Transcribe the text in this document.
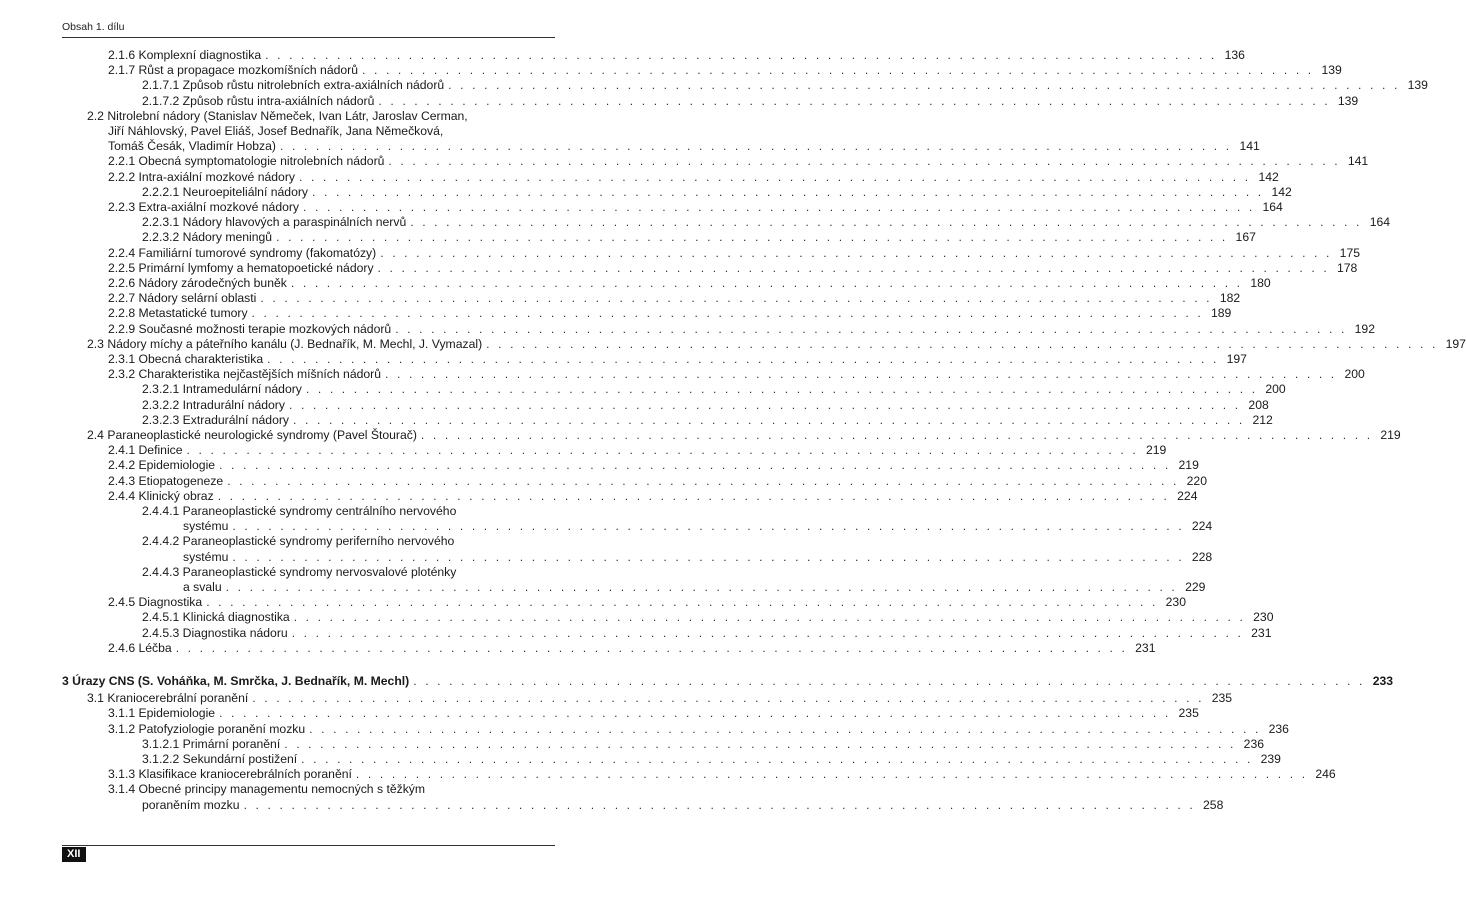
Obsah 1. dílu
2.1.6 Komplexní diagnostika . . . . . . . . . . . . . . . . . . . . . . . . . . . . . . . . . . . . . . . . . . . . . . . . . . . . . . . . . . . . . . . . . . . . . . . . . . . . . . . . 136
2.1.7 Růst a propagace mozkomíšních nádorů . . . . . . . . . . . . . . . . . . . . . . . . . . . . . . . . . . . . . . . . . . . . . . . . . . . . . . . . . . . . . . . . . . . . . . . . . . . . . . . . 139
2.1.7.1 Způsob růstu nitrolebních extra-axiálních nádorů . . . . . . . . . . . . . . . . . . . . . . . . . . . . . . . . . . . . . . . . . . . . . . . . . . . . . . . . . . . . . . . . . . . . . . . . . . . . . . . . 139
2.1.7.2 Způsob růstu intra-axiálních nádorů . . . . . . . . . . . . . . . . . . . . . . . . . . . . . . . . . . . . . . . . . . . . . . . . . . . . . . . . . . . . . . . . . . . . . . . . . . . . . . . . 139
2.2 Nitrolební nádory (Stanislav Němeček, Ivan Látr, Jaroslav Cerman,
Jiří Náhlovský, Pavel Eliáš, Josef Bednařík, Jana Němečková,
Tomáš Česák, Vladimír Hobza) . . . . . . . . . . . . . . . . . . . . . . . . . . . . . . . . . . . . . . . . . . . . . . . . . . . . . . . . . . . . . . . . . . . . . . . . . . . . . . . . 141
2.2.1 Obecná symptomatologie nitrolebních nádorů . . . . . . . . . . . . . . . . . . . . . . . . . . . . . . . . . . . . . . . . . . . . . . . . . . . . . . . . . . . . . . . . . . . . . . . . . . . . . . . . 141
2.2.2 Intra-axiální mozkové nádory . . . . . . . . . . . . . . . . . . . . . . . . . . . . . . . . . . . . . . . . . . . . . . . . . . . . . . . . . . . . . . . . . . . . . . . . . . . . . . . . 142
2.2.2.1 Neuroepiteliální nádory . . . . . . . . . . . . . . . . . . . . . . . . . . . . . . . . . . . . . . . . . . . . . . . . . . . . . . . . . . . . . . . . . . . . . . . . . . . . . . . . 142
2.2.3 Extra-axiální mozkové nádory . . . . . . . . . . . . . . . . . . . . . . . . . . . . . . . . . . . . . . . . . . . . . . . . . . . . . . . . . . . . . . . . . . . . . . . . . . . . . . . . 164
2.2.3.1 Nádory hlavových a paraspinálních nervů . . . . . . . . . . . . . . . . . . . . . . . . . . . . . . . . . . . . . . . . . . . . . . . . . . . . . . . . . . . . . . . . . . . . . . . . . . . . . . . . 164
2.2.3.2 Nádory meningů . . . . . . . . . . . . . . . . . . . . . . . . . . . . . . . . . . . . . . . . . . . . . . . . . . . . . . . . . . . . . . . . . . . . . . . . . . . . . . . . 167
2.2.4 Familiární tumorové syndromy (fakomatózy) . . . . . . . . . . . . . . . . . . . . . . . . . . . . . . . . . . . . . . . . . . . . . . . . . . . . . . . . . . . . . . . . . . . . . . . . . . . . . . . . 175
2.2.5 Primární lymfomy a hematopoetické nádory . . . . . . . . . . . . . . . . . . . . . . . . . . . . . . . . . . . . . . . . . . . . . . . . . . . . . . . . . . . . . . . . . . . . . . . . . . . . . . . . 178
2.2.6 Nádory zárodečných buněk . . . . . . . . . . . . . . . . . . . . . . . . . . . . . . . . . . . . . . . . . . . . . . . . . . . . . . . . . . . . . . . . . . . . . . . . . . . . . . . . 180
2.2.7 Nádory selární oblasti . . . . . . . . . . . . . . . . . . . . . . . . . . . . . . . . . . . . . . . . . . . . . . . . . . . . . . . . . . . . . . . . . . . . . . . . . . . . . . . . 182
2.2.8 Metastatické tumory . . . . . . . . . . . . . . . . . . . . . . . . . . . . . . . . . . . . . . . . . . . . . . . . . . . . . . . . . . . . . . . . . . . . . . . . . . . . . . . . 189
2.2.9 Současné možnosti terapie mozkových nádorů . . . . . . . . . . . . . . . . . . . . . . . . . . . . . . . . . . . . . . . . . . . . . . . . . . . . . . . . . . . . . . . . . . . . . . . . . . . . . . . . 192
2.3 Nádory míchy a páteřního kanálu (J. Bednařík, M. Mechl, J. Vymazal) . . . . . . . . . . . . . . . . . . . . . . . . . . . . . . . . . . . . . . . . . . . . . . . . . . . . . . . . . . . . . . . . . . . . . . . . . . . . . . . . 197
2.3.1 Obecná charakteristika . . . . . . . . . . . . . . . . . . . . . . . . . . . . . . . . . . . . . . . . . . . . . . . . . . . . . . . . . . . . . . . . . . . . . . . . . . . . . . . . 197
2.3.2 Charakteristika nejčastějších míšních nádorů . . . . . . . . . . . . . . . . . . . . . . . . . . . . . . . . . . . . . . . . . . . . . . . . . . . . . . . . . . . . . . . . . . . . . . . . . . . . . . . . 200
2.3.2.1 Intramedulární nádory . . . . . . . . . . . . . . . . . . . . . . . . . . . . . . . . . . . . . . . . . . . . . . . . . . . . . . . . . . . . . . . . . . . . . . . . . . . . . . . . 200
2.3.2.2 Intradurální nádory . . . . . . . . . . . . . . . . . . . . . . . . . . . . . . . . . . . . . . . . . . . . . . . . . . . . . . . . . . . . . . . . . . . . . . . . . . . . . . . . 208
2.3.2.3 Extradurální nádory . . . . . . . . . . . . . . . . . . . . . . . . . . . . . . . . . . . . . . . . . . . . . . . . . . . . . . . . . . . . . . . . . . . . . . . . . . . . . . . . 212
2.4 Paraneoplastické neurologické syndromy (Pavel Štourač) . . . . . . . . . . . . . . . . . . . . . . . . . . . . . . . . . . . . . . . . . . . . . . . . . . . . . . . . . . . . . . . . . . . . . . . . . . . . . . . . 219
2.4.1 Definice . . . . . . . . . . . . . . . . . . . . . . . . . . . . . . . . . . . . . . . . . . . . . . . . . . . . . . . . . . . . . . . . . . . . . . . . . . . . . . . . 219
2.4.2 Epidemiologie . . . . . . . . . . . . . . . . . . . . . . . . . . . . . . . . . . . . . . . . . . . . . . . . . . . . . . . . . . . . . . . . . . . . . . . . . . . . . . . . 219
2.4.3 Etiopatogeneze . . . . . . . . . . . . . . . . . . . . . . . . . . . . . . . . . . . . . . . . . . . . . . . . . . . . . . . . . . . . . . . . . . . . . . . . . . . . . . . . 220
2.4.4 Klinický obraz . . . . . . . . . . . . . . . . . . . . . . . . . . . . . . . . . . . . . . . . . . . . . . . . . . . . . . . . . . . . . . . . . . . . . . . . . . . . . . . . 224
2.4.4.1 Paraneoplastické syndromy centrálního nervového
systému . . . . . . . . . . . . . . . . . . . . . . . . . . . . . . . . . . . . . . . . . . . . . . . . . . . . . . . . . . . . . . . . . . . . . . . . . . . . . . . . 224
2.4.4.2 Paraneoplastické syndromy periferního nervového
systému . . . . . . . . . . . . . . . . . . . . . . . . . . . . . . . . . . . . . . . . . . . . . . . . . . . . . . . . . . . . . . . . . . . . . . . . . . . . . . . . 228
2.4.4.3 Paraneoplastické syndromy nervosvalové ploténky
a svalu . . . . . . . . . . . . . . . . . . . . . . . . . . . . . . . . . . . . . . . . . . . . . . . . . . . . . . . . . . . . . . . . . . . . . . . . . . . . . . . . 229
2.4.5 Diagnostika . . . . . . . . . . . . . . . . . . . . . . . . . . . . . . . . . . . . . . . . . . . . . . . . . . . . . . . . . . . . . . . . . . . . . . . . . . . . . . . . 230
2.4.5.1 Klinická diagnostika . . . . . . . . . . . . . . . . . . . . . . . . . . . . . . . . . . . . . . . . . . . . . . . . . . . . . . . . . . . . . . . . . . . . . . . . . . . . . . . . 230
2.4.5.3 Diagnostika nádoru . . . . . . . . . . . . . . . . . . . . . . . . . . . . . . . . . . . . . . . . . . . . . . . . . . . . . . . . . . . . . . . . . . . . . . . . . . . . . . . . 231
2.4.6 Léčba . . . . . . . . . . . . . . . . . . . . . . . . . . . . . . . . . . . . . . . . . . . . . . . . . . . . . . . . . . . . . . . . . . . . . . . . . . . . . . . . 231
3 Úrazy CNS (S. Voháňka, M. Smrčka, J. Bednařík, M. Mechl) . . . . . . . . . . . . . . . . . . . . . . . . . . . . . . . . . . . . . . . . . . . . . . . . . . . . . . . . . . . . . . . . . . . . . . . . . . . . . . . . 233
3.1 Kraniocerebrální poranění . . . . . . . . . . . . . . . . . . . . . . . . . . . . . . . . . . . . . . . . . . . . . . . . . . . . . . . . . . . . . . . . . . . . . . . . . . . . . . . . 235
3.1.1 Epidemiologie . . . . . . . . . . . . . . . . . . . . . . . . . . . . . . . . . . . . . . . . . . . . . . . . . . . . . . . . . . . . . . . . . . . . . . . . . . . . . . . . 235
3.1.2 Patofyziologie poranění mozku . . . . . . . . . . . . . . . . . . . . . . . . . . . . . . . . . . . . . . . . . . . . . . . . . . . . . . . . . . . . . . . . . . . . . . . . . . . . . . . . 236
3.1.2.1 Primární poranění . . . . . . . . . . . . . . . . . . . . . . . . . . . . . . . . . . . . . . . . . . . . . . . . . . . . . . . . . . . . . . . . . . . . . . . . . . . . . . . . 236
3.1.2.2 Sekundární postižení . . . . . . . . . . . . . . . . . . . . . . . . . . . . . . . . . . . . . . . . . . . . . . . . . . . . . . . . . . . . . . . . . . . . . . . . . . . . . . . . 239
3.1.3 Klasifikace kraniocerebrálních poranění . . . . . . . . . . . . . . . . . . . . . . . . . . . . . . . . . . . . . . . . . . . . . . . . . . . . . . . . . . . . . . . . . . . . . . . . . . . . . . . . 246
3.1.4 Obecné principy managementu nemocných s těžkým
poraněním mozku . . . . . . . . . . . . . . . . . . . . . . . . . . . . . . . . . . . . . . . . . . . . . . . . . . . . . . . . . . . . . . . . . . . . . . . . . . . . . . . . 258
XII
